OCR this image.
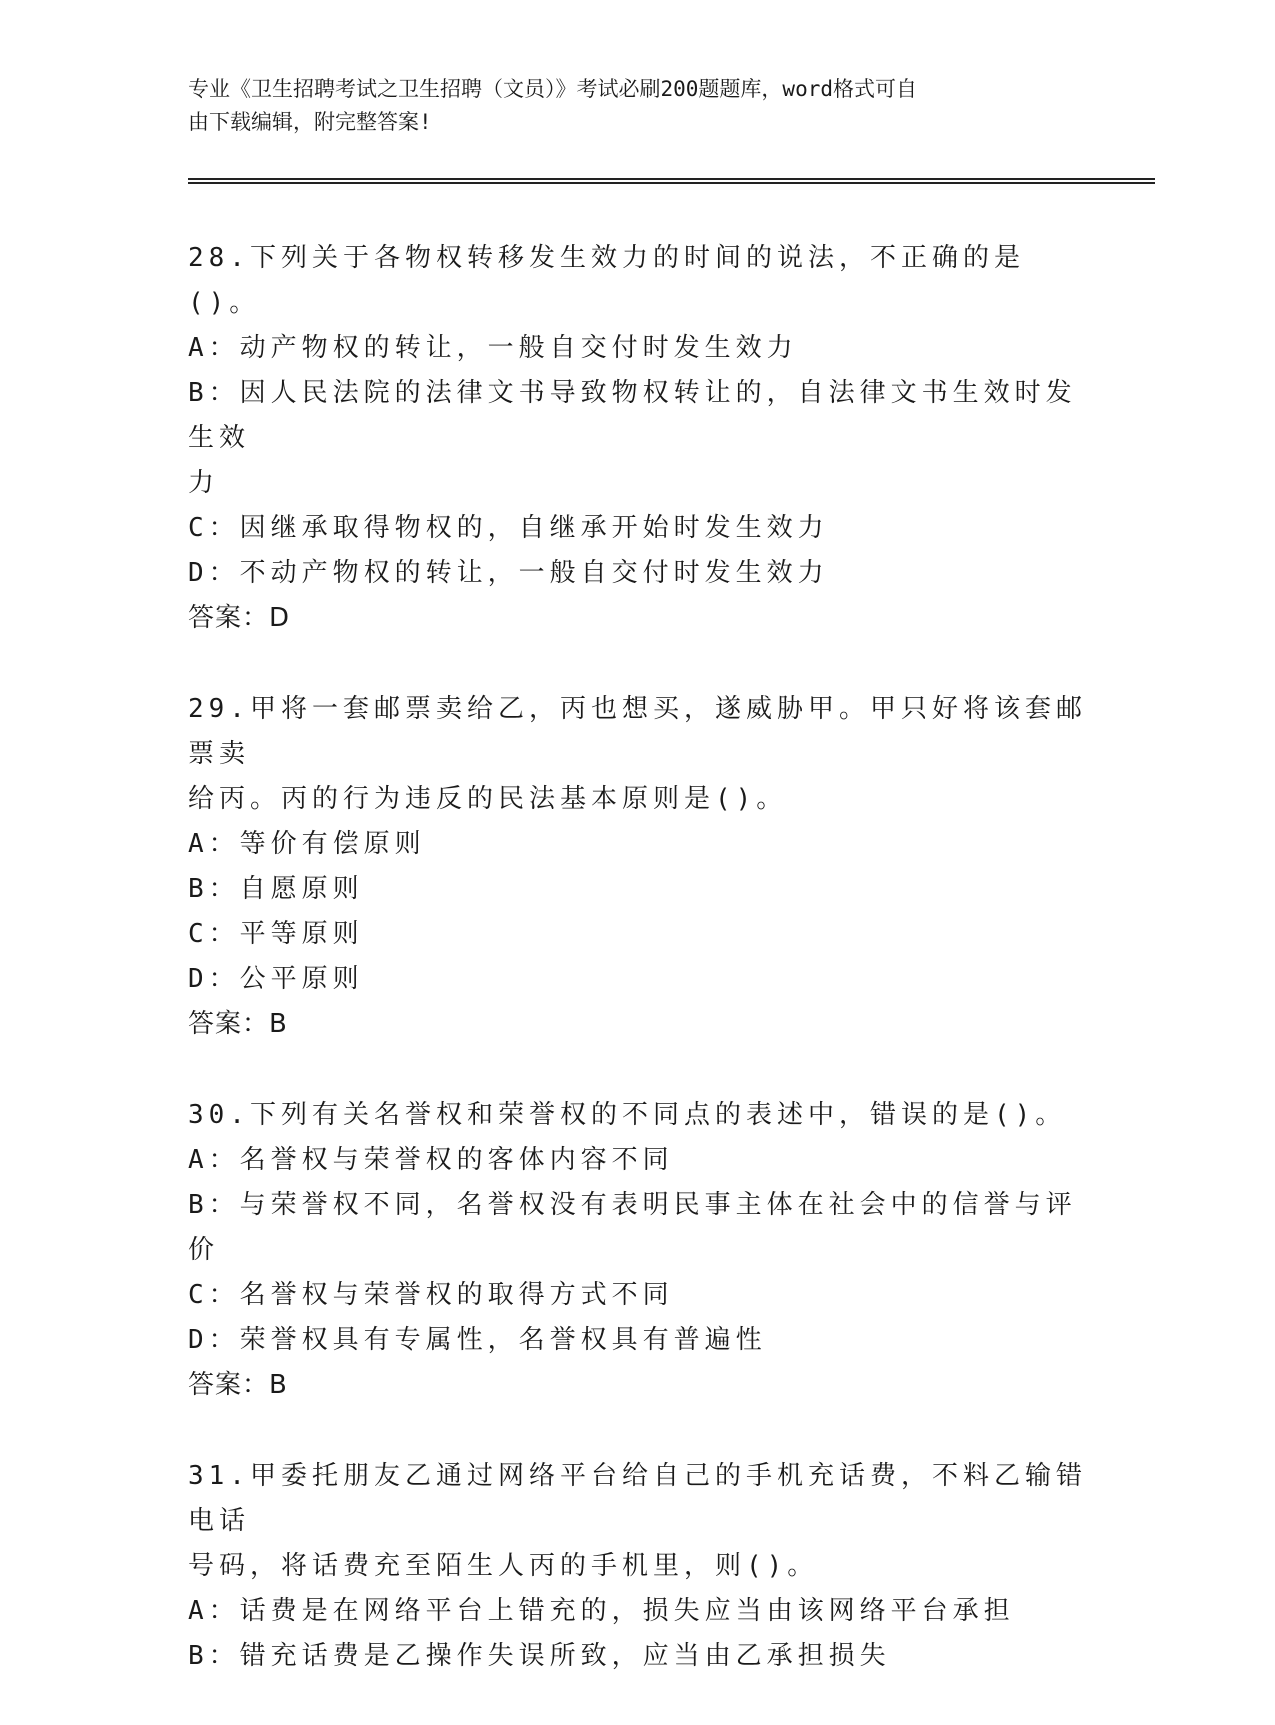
专业《卫生招聘考试之卫生招聘（文员）》考试必刷200题题库，word格式可自
由下载编辑，附完整答案!
28.下列关于各物权转移发生效力的时间的说法，不正确的是()。
A：动产物权的转让，一般自交付时发生效力
B：因人民法院的法律文书导致物权转让的，自法律文书生效时发生效
力
C：因继承取得物权的，自继承开始时发生效力
D：不动产物权的转让，一般自交付时发生效力
答案：D
29.甲将一套邮票卖给乙，丙也想买，遂威胁甲。甲只好将该套邮票卖
给丙。丙的行为违反的民法基本原则是()。
A：等价有偿原则
B：自愿原则
C：平等原则
D：公平原则
答案：B
30.下列有关名誉权和荣誉权的不同点的表述中，错误的是()。
A：名誉权与荣誉权的客体内容不同
B：与荣誉权不同，名誉权没有表明民事主体在社会中的信誉与评价
C：名誉权与荣誉权的取得方式不同
D：荣誉权具有专属性，名誉权具有普遍性
答案：B
31.甲委托朋友乙通过网络平台给自己的手机充话费，不料乙输错电话
号码，将话费充至陌生人丙的手机里，则()。
A：话费是在网络平台上错充的，损失应当由该网络平台承担
B：错充话费是乙操作失误所致，应当由乙承担损失
